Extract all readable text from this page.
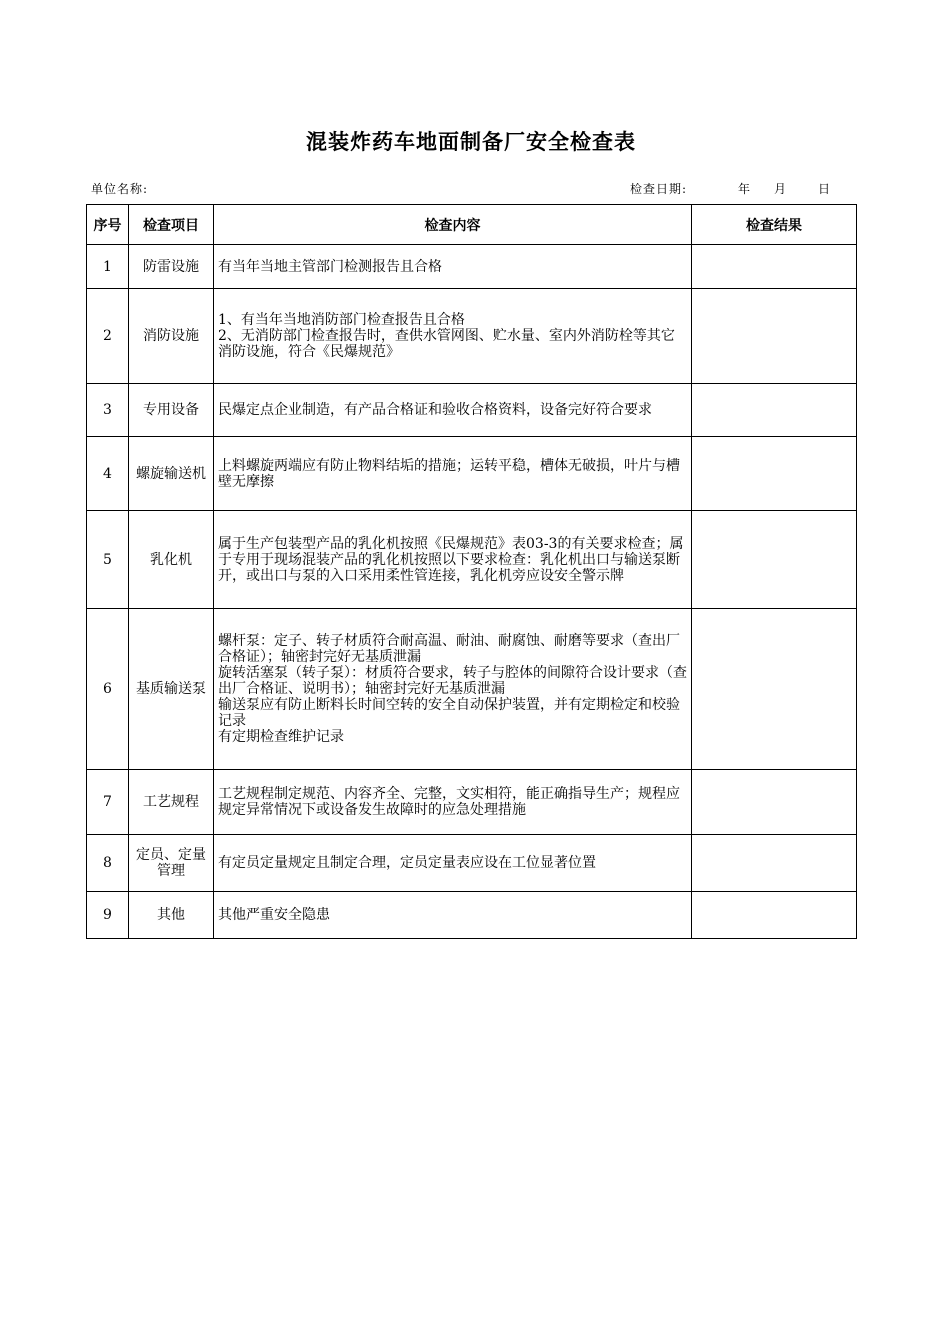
混装炸药车地面制备厂安全检查表
单位名称:	检查日期:	年 月	日
序号	检查项目	检查内容	检查结果
1	防雷设施	有当年当地主管部门检测报告且合格	
2	消防设施	1、有当年当地消防部门检查报告且合格
2、无消防部门检查报告时，查供水管网图、贮水量、室内外消防栓等其它消防设施，符合《民爆规范》	
3	专用设备	民爆定点企业制造，有产品合格证和验收合格资料，设备完好符合要求	
4	螺旋输送机	上料螺旋两端应有防止物料结垢的措施；运转平稳，槽体无破损，叶片与槽壁无摩擦	
5	乳化机	属于生产包装型产品的乳化机按照《民爆规范》表03-3的有关要求检查；属于专用于现场混装产品的乳化机按照以下要求检查：乳化机出口与输送泵断开，或出口与泵的入口采用柔性管连接，乳化机旁应设安全警示牌	
6	基质输送泵	螺杆泵：定子、转子材质符合耐高温、耐油、耐腐蚀、耐磨等要求（查出厂合格证）；轴密封完好无基质泄漏
旋转活塞泵（转子泵）：材质符合要求，转子与腔体的间隙符合设计要求（查出厂合格证、说明书）；轴密封完好无基质泄漏
输送泵应有防止断料长时间空转的安全自动保护装置，并有定期检定和校验记录
有定期检查维护记录	
7	工艺规程	工艺规程制定规范、内容齐全、完整，文实相符，能正确指导生产；规程应规定异常情况下或设备发生故障时的应急处理措施	
8	定员、定量管理	有定员定量规定且制定合理，定员定量表应设在工位显著位置	
9	其他	其他严重安全隐患	
